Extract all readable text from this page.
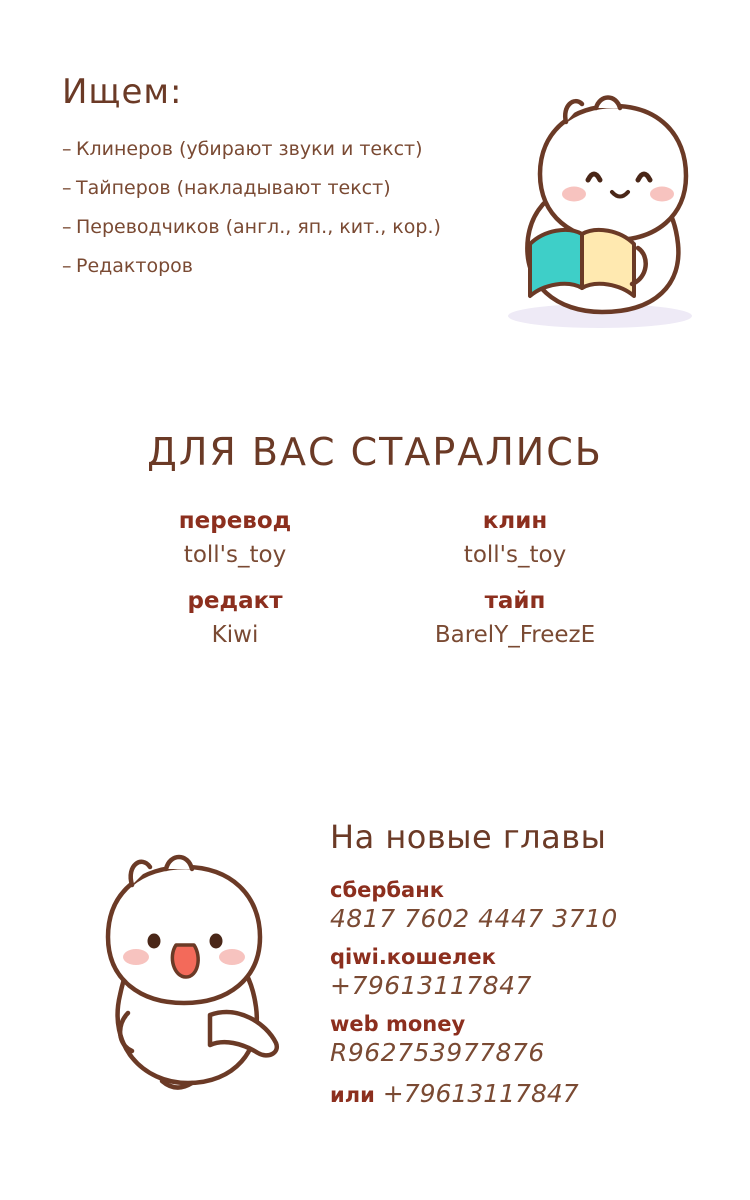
Ищем:
– Клинеров (убирают звуки и текст)
– Тайперов (накладывают текст)
– Переводчиков (англ., яп., кит., кор.)
– Редакторов
ДЛЯ ВАС СТАРАЛИСЬ
перевод
toll's_toy
клин
toll's_toy
редакт
Kiwi
тайп
BarelY_FreezE
На новые главы
сбербанк
4817 7602 4447 3710
qiwi.кошелек
+79613117847
web money
R962753977876
или +79613117847
